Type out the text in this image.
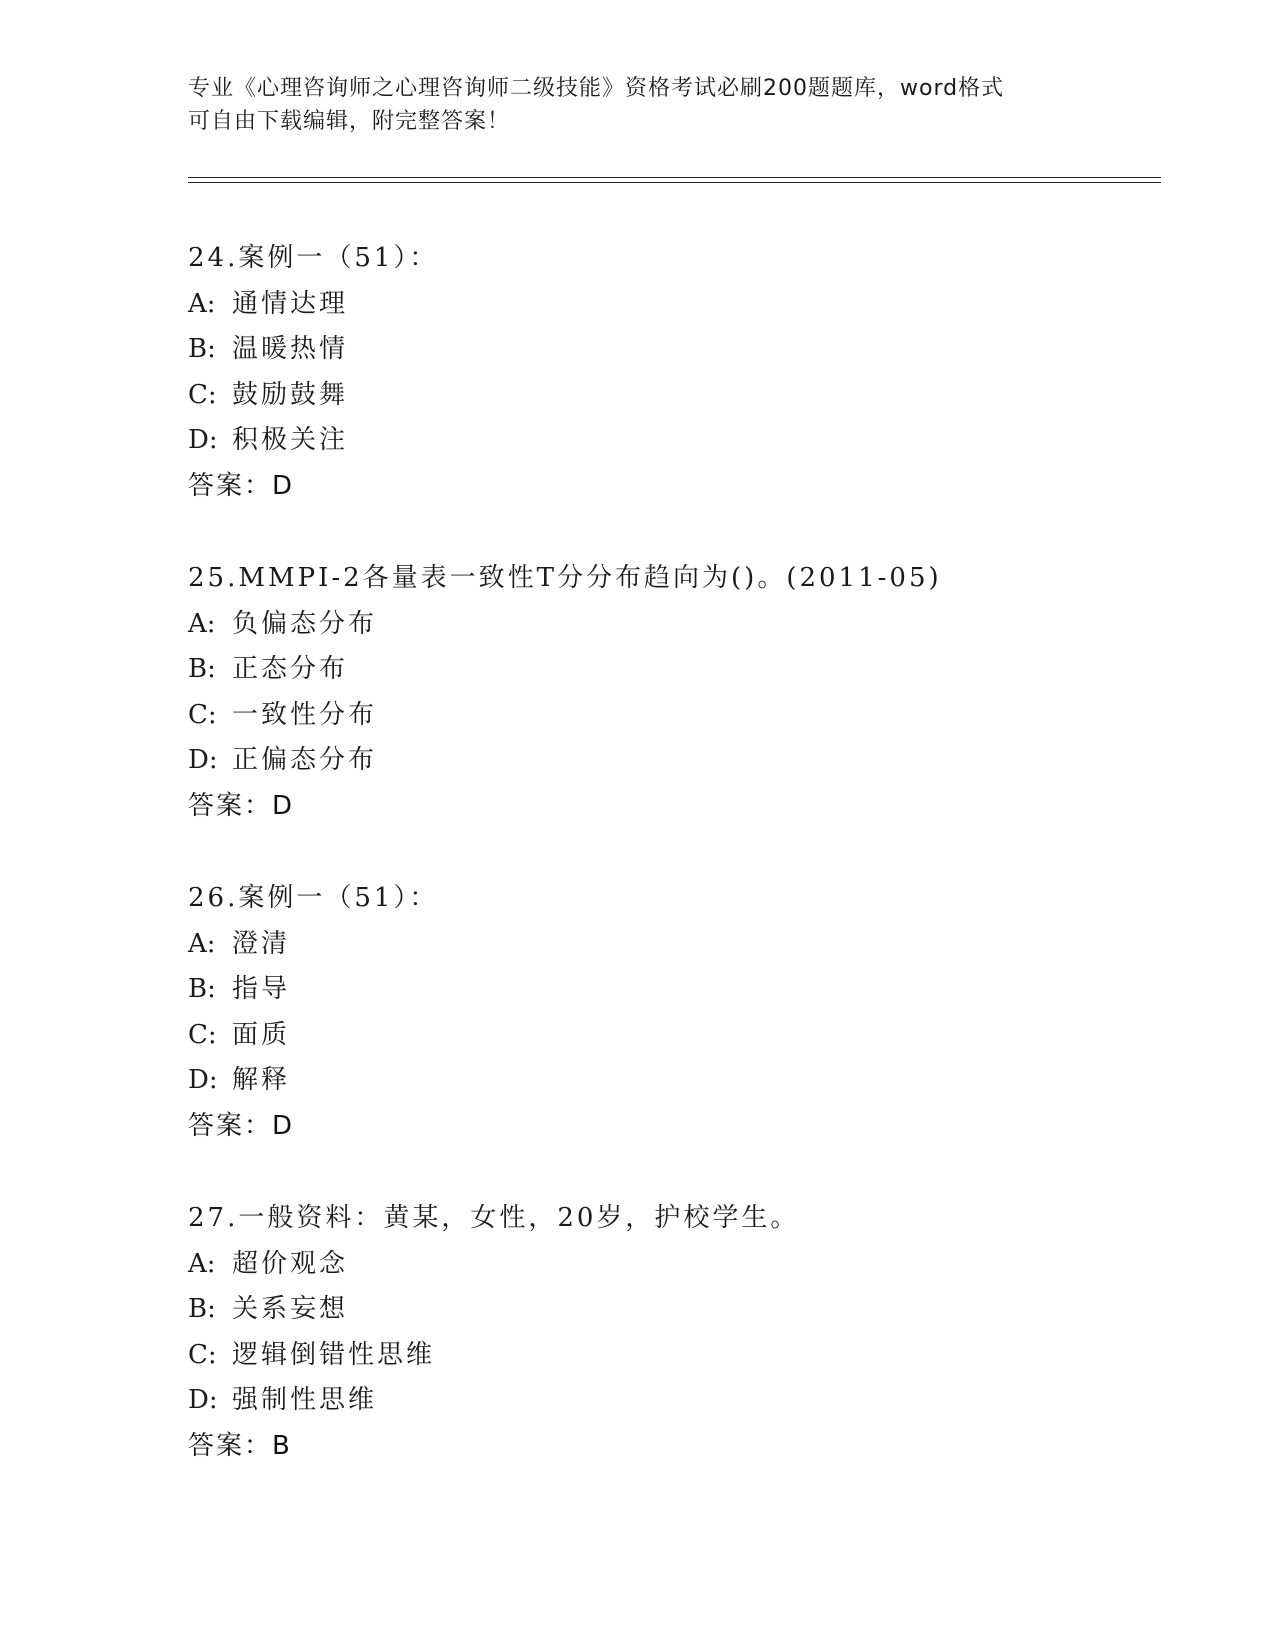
专业《心理咨询师之心理咨询师二级技能》资格考试必刷200题题库，word格式
可自由下载编辑，附完整答案！
24.案例一（51）：
A: 通情达理
B: 温暖热情
C: 鼓励鼓舞
D: 积极关注
答案：D
25.MMPI-2各量表一致性T分分布趋向为()。(2011-05)
A: 负偏态分布
B: 正态分布
C: 一致性分布
D: 正偏态分布
答案：D
26.案例一（51）：
A: 澄清
B: 指导
C: 面质
D: 解释
答案：D
27.一般资料：黄某，女性，20岁，护校学生。
A: 超价观念
B: 关系妄想
C: 逻辑倒错性思维
D: 强制性思维
答案：B
